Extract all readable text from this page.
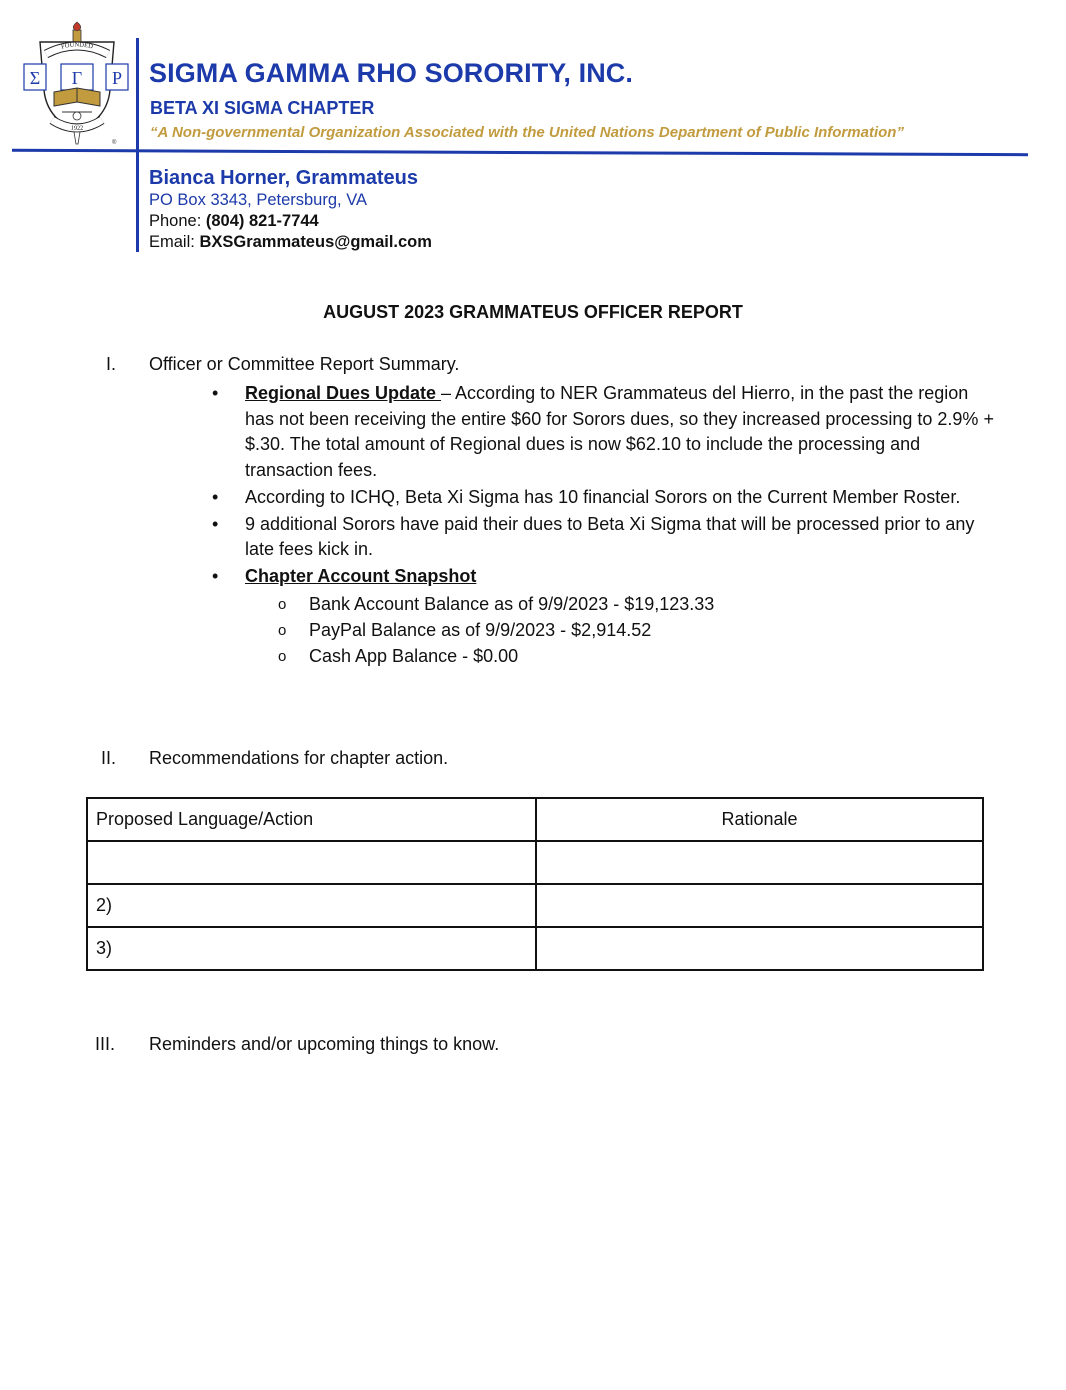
FOUNDED
Σ Γ Ρ
1922
®
SIGMA GAMMA RHO SORORITY, INC.
BETA XI SIGMA CHAPTER
“A Non-governmental Organization Associated with the United Nations Department of Public Information”
Bianca Horner, Grammateus
PO Box 3343, Petersburg, VA
Phone: (804) 821-7744
Email: BXSGrammateus@gmail.com
AUGUST 2023 GRAMMATEUS OFFICER REPORT
I. Officer or Committee Report Summary.
• Regional Dues Update – According to NER Grammateus del Hierro, in the past the region has not been receiving the entire $60 for Sorors dues, so they increased processing to 2.9% + $.30. The total amount of Regional dues is now $62.10 to include the processing and transaction fees.
• According to ICHQ, Beta Xi Sigma has 10 financial Sorors on the Current Member Roster.
• 9 additional Sorors have paid their dues to Beta Xi Sigma that will be processed prior to any late fees kick in.
• Chapter Account Snapshot
o Bank Account Balance as of 9/9/2023 - $19,123.33
o PayPal Balance as of 9/9/2023 - $2,914.52
o Cash App Balance - $0.00
II. Recommendations for chapter action.
Proposed Language/Action	Rationale

2)	
3)	
III. Reminders and/or upcoming things to know.
